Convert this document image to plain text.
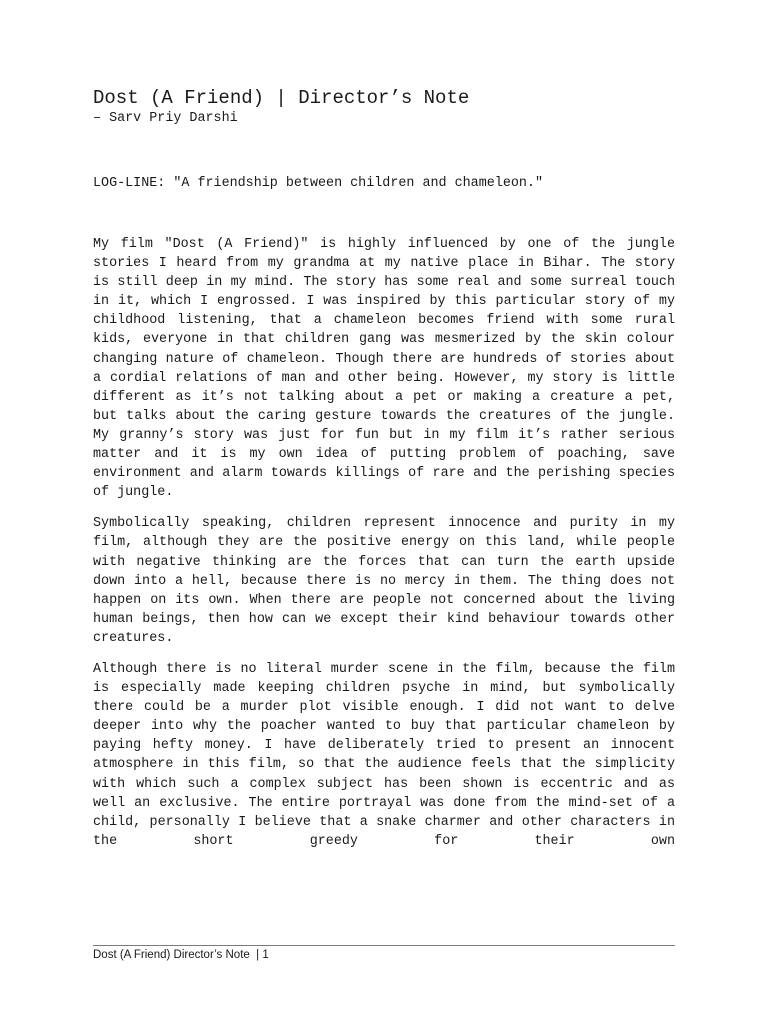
Dost (A Friend) | Director’s Note
– Sarv Priy Darshi
LOG-LINE: "A friendship between children and chameleon."

My film "Dost (A Friend)" is highly influenced by one of the jungle stories I heard from my grandma at my native place in Bihar. The story is still deep in my mind. The story has some real and some surreal touch in it, which I engrossed. I was inspired by this particular story of my childhood listening, that a chameleon becomes friend with some rural kids, everyone in that children gang was mesmerized by the skin colour changing nature of chameleon. Though there are hundreds of stories about a cordial relations of man and other being. However, my story is little different as it’s not talking about a pet or making a creature a pet, but talks about the caring gesture towards the creatures of the jungle. My granny’s story was just for fun but in my film it’s rather serious matter and it is my own idea of putting problem of poaching, save environment and alarm towards killings of rare and the perishing species of jungle.

Symbolically speaking, children represent innocence and purity in my film, although they are the positive energy on this land, while people with negative thinking are the forces that can turn the earth upside down into a hell, because there is no mercy in them. The thing does not happen on its own. When there are people not concerned about the living human beings, then how can we except their kind behaviour towards other creatures.

Although there is no literal murder scene in the film, because the film is especially made keeping children psyche in mind, but symbolically there could be a murder plot visible enough. I did not want to delve deeper into why the poacher wanted to buy that particular chameleon by paying hefty money. I have deliberately tried to present an innocent atmosphere in this film, so that the audience feels that the simplicity with which such a complex subject has been shown is eccentric and as well an exclusive. The entire portrayal was done from the mind-set of a child, personally I believe that a snake charmer and other characters in the short greedy for their own

Dost (A Friend) Director’s Note  | 1
